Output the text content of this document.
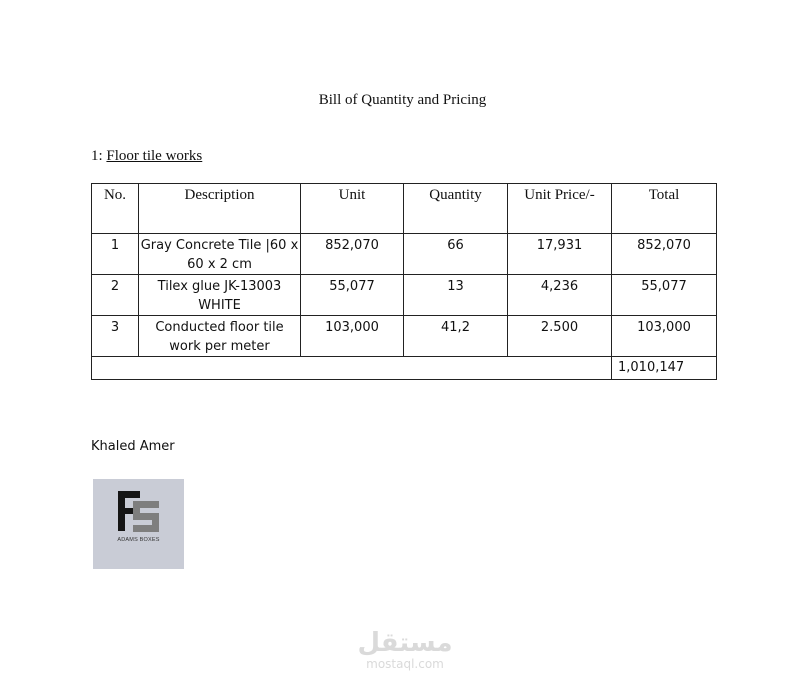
Bill of Quantity and Pricing
1: Floor tile works
No.	Description	Unit	Quantity	Unit Price/-	Total
1	Gray Concrete Tile |60 x 60 x 2 cm	852,070	66	17,931	852,070
2	Tilex glue JK-13003 WHITE	55,077	13	4,236	55,077
3	Conducted floor tile work per meter	103,000	41,2	2.500	103,000
					1,010,147
Khaled Amer
ADAMS BOXES
مستقل
mostaql.com
